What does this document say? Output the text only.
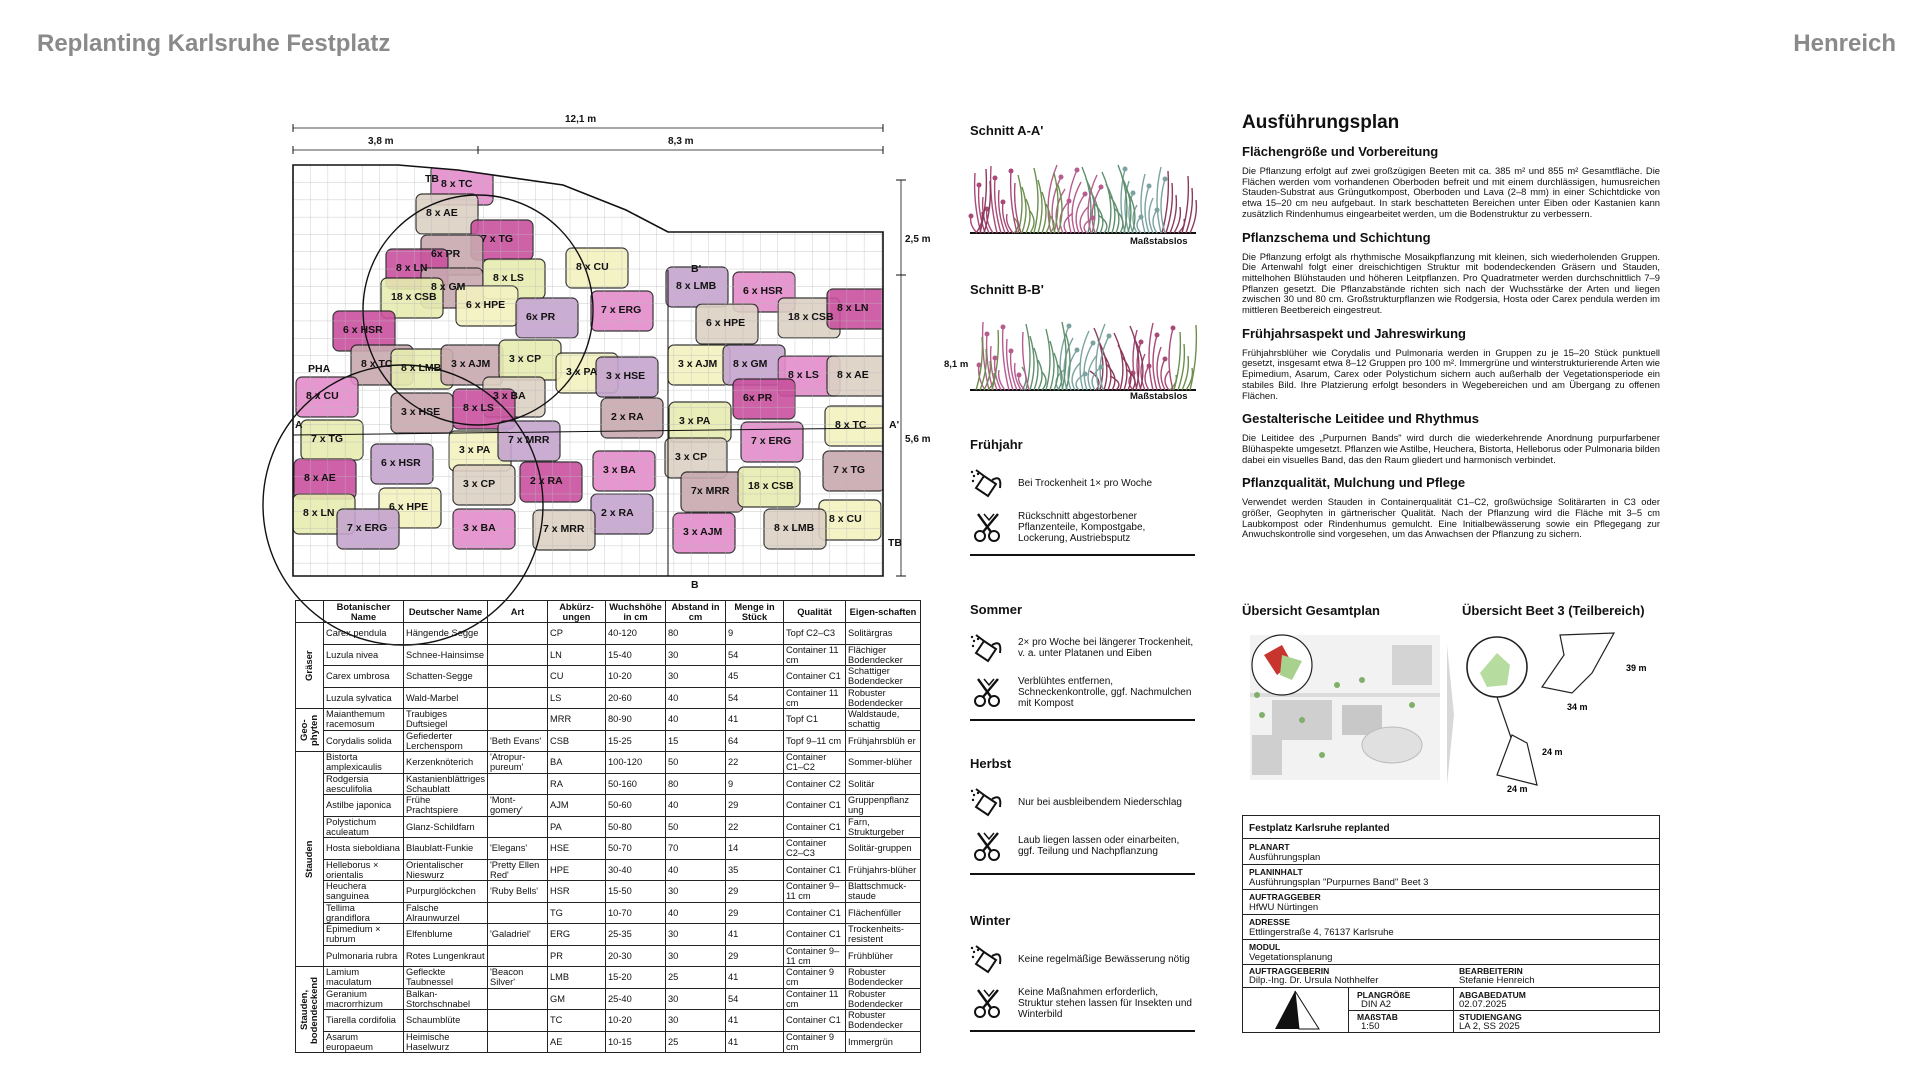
Replanting Karlsruhe Festplatz	Henreich
12,1 m
3,8 m	8,3 m
2,5 m
5,6 m
8 x TC
8 x AE
7 x TG
6x PR
8 x LN
8 x GM
8 x LS
8 x CU
18 x CSB
6 x HPE
6x PR
7 x ERG
8 x LMB	6 x HSR
18 x CSB
8 x LN
6 x HPE
6 x HSR
8 x TC 8 x LMB 3 x AJM 3 x CP
3 x PA 3 x HSE
3 x AJM 8 x GM
8 x LS 8 x AE
8 x CU	3 x BA	6x PR
3 x HSE 8 x LS
2 x RA	3 x PA	8 x TC
7 x TG
3 x PA
7 x MRR	7 x ERG
6 x HSR
3 x BA
3 x CP
8 x AE	3 x CP	2 x RA
7x MRR 18 x CSB
7 x TG
8 x LN	6 x HPE	2 x RA	8 x CU
7 x ERG	3 x BA	7 x MRR	3 x AJM	8 x LMB
TB
TB
PHA
A	A'
B'
B
	Botanischer Name	Deutscher Name	Art	Abkürz-ungen	Wuchshöhe in cm	Abstand in cm	Menge in Stück	Qualität	Eigen-schaften
Gräser	Carex pendula	Hängende Segge		CP	40-120	80	9	Topf C2–C3	Solitärgras
	Luzula nivea	Schnee-Hainsimse		LN	15-40	30	54	Container 11 cm	Flächiger Bodendecker
	Carex umbrosa	Schatten-Segge		CU	10-20	30	45	Container C1	Schattiger Bodendecker
	Luzula sylvatica	Wald-Marbel		LS	20-60	40	54	Container 11 cm	Robuster Bodendecker
Geo-phyten	Maianthemum racemosum	Traubiges Duftsiegel		MRR	80-90	40	41	Topf C1	Waldstaude, schattig
	Corydalis solida	Gefiederter Lerchensporn	'Beth Evans'	CSB	15-25	15	64	Topf 9–11 cm	Frühjahrsblüh er
Stauden	Bistorta amplexicaulis	Kerzenknöterich	'Atropur-pureum'	BA	100-120	50	22	Container C1–C2	Sommer-blüher
	Rodgersia aesculifolia	Kastanienblättriges Schaublatt		RA	50-160	80	9	Container C2	Solitär
	Astilbe japonica	Frühe Prachtspiere	'Mont-gomery'	AJM	50-60	40	29	Container C1	Gruppenpflanz ung
	Polystichum aculeatum	Glanz-Schildfarn		PA	50-80	50	22	Container C1	Farn, Strukturgeber
	Hosta sieboldiana	Blaublatt-Funkie	'Elegans'	HSE	50-70	70	14	Container C2–C3	Solitär-gruppen
	Helleborus × orientalis	Orientalischer Nieswurz	'Pretty Ellen Red'	HPE	30-40	40	35	Container C1	Frühjahrs-blüher
	Heuchera sanguinea	Purpurglöckchen	'Ruby Bells'	HSR	15-50	30	29	Container 9–11 cm	Blattschmuck-staude
	Tellima grandiflora	Falsche Alraunwurzel		TG	10-70	40	29	Container C1	Flächenfüller
	Epimedium × rubrum	Elfenblume	'Galadriel'	ERG	25-35	30	41	Container C1	Trockenheits-resistent
	Pulmonaria rubra	Rotes Lungenkraut		PR	20-30	30	29	Container 9–11 cm	Frühblüher
Stauden, bodendeckend	Lamium maculatum	Gefleckte Taubnessel	'Beacon Silver'	LMB	15-20	25	41	Container 9 cm	Robuster Bodendecker
	Geranium macrorrhizum	Balkan-Storchschnabel		GM	25-40	30	54	Container 11 cm	Robuster Bodendecker
	Tiarella cordifolia	Schaumblüte		TC	10-20	30	41	Container C1	Robuster Bodendecker
	Asarum europaeum	Heimische Haselwurz		AE	10-15	25	41	Container 9 cm	Immergrün
Schnitt A-A'
Maßstabslos
Schnitt B-B'
8,1 m
Maßstabslos
Frühjahr
Bei Trockenheit 1× pro Woche
Rückschnitt abgestorbener Pflanzenteile, Kompostgabe, Lockerung, Austriebsputz
Sommer
2× pro Woche bei längerer Trockenheit, v. a. unter Platanen und Eiben
Verblühtes entfernen, Schneckenkontrolle, ggf. Nachmulchen mit Kompost
Herbst
Nur bei ausbleibendem Niederschlag
Laub liegen lassen oder einarbeiten, ggf. Teilung und Nachpflanzung
Winter
Keine regelmäßige Bewässerung nötig
Keine Maßnahmen erforderlich, Struktur stehen lassen für Insekten und Winterbild
Ausführungsplan
Flächengröße und Vorbereitung

Die Pflanzung erfolgt auf zwei großzügigen Beeten mit ca. 385 m² und 855 m² Gesamtfläche. Die Flächen werden vom vorhandenen Oberboden befreit und mit einem durchlässigen, humusreichen Stauden-Substrat aus Grüngutkompost, Oberboden und Lava (2–8 mm) in einer Schichtdicke von etwa 15–20 cm neu aufgebaut. In stark beschatteten Bereichen unter Eiben oder Kastanien kann zusätzlich Rindenhumus eingearbeitet werden, um die Bodenstruktur zu verbessern.

Pflanzschema und Schichtung

Die Pflanzung erfolgt als rhythmische Mosaikpflanzung mit kleinen, sich wiederholenden Gruppen. Die Artenwahl folgt einer dreischichtigen Struktur mit bodendeckenden Gräsern und Stauden, mittelhohen Blühstauden und höheren Leitpflanzen. Pro Quadratmeter werden durchschnittlich 7–9 Pflanzen gesetzt. Die Pflanzabstände richten sich nach der Wuchsstärke der Arten und liegen zwischen 30 und 80 cm. Großstrukturpflanzen wie Rodgersia, Hosta oder Carex pendula werden im mittleren Beetbereich eingestreut.

Frühjahrsaspekt und Jahreswirkung

Frühjahrsblüher wie Corydalis und Pulmonaria werden in Gruppen zu je 15–20 Stück punktuell gesetzt, insgesamt etwa 8–12 Gruppen pro 100 m². Immergrüne und winterstrukturierende Arten wie Epimedium, Asarum, Carex oder Polystichum sichern auch außerhalb der Vegetationsperiode ein stabiles Bild. Ihre Platzierung erfolgt besonders in Wegebereichen und am Übergang zu offenen Flächen.

Gestalterische Leitidee und Rhythmus

Die Leitidee des „Purpurnen Bands" wird durch die wiederkehrende Anordnung purpurfarbener Blühaspekte umgesetzt. Pflanzen wie Astilbe, Heuchera, Bistorta, Helleborus oder Pulmonaria bilden dabei ein visuelles Band, das den Raum gliedert und harmonisch verbindet.

Pflanzqualität, Mulchung und Pflege

Verwendet werden Stauden in Containerqualität C1–C2, großwüchsige Solitärarten in C3 oder größer, Geophyten in gärtnerischer Qualität. Nach der Pflanzung wird die Fläche mit 3–5 cm Laubkompost oder Rindenhumus gemulcht. Eine Initialbewässerung sowie ein Pflegegang zur Anwuchskontrolle sind vorgesehen, um das Anwachsen der Pflanzung zu sichern.

Übersicht Gesamtplan	Übersicht Beet 3 (Teilbereich)
39 m
34 m
24 m
24 m
Festplatz Karlsruhe replanted
PLANART
Ausführungsplan
PLANINHALT
Ausführungsplan "Purpurnes Band" Beet 3
AUFTRAGGEBER
HfWU Nürtingen
ADRESSE
Ettlingerstraße 4, 76137 Karlsruhe
MODUL
Vegetationsplanung
AUFTRAGGEBERIN
Dilp.-Ing. Dr. Ursula Nothhelfer
BEARBEITERIN
Stefanie Henreich
PLANGRÖßE
DIN A2
ABGABEDATUM
02.07.2025
MAßSTAB
1:50
STUDIENGANG
LA 2, SS 2025
